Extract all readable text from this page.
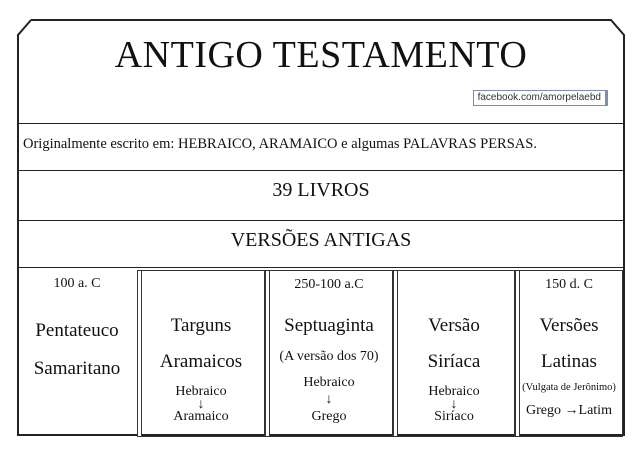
ANTIGO TESTAMENTO
facebook.com/amorpelaebd
Originalmente escrito em: HEBRAICO, ARAMAICO e algumas PALAVRAS PERSAS.
39 LIVROS
VERSÕES ANTIGAS
100 a. C
Pentateuco
Samaritano
Targuns
Aramaicos
Hebraico
↓
Aramaico
250-100 a.C
Septuaginta
(A versão dos 70)
Hebraico
↓
Grego
Versão
Siríaca
Hebraico
↓
Siríaco
150 d. C
Versões
Latinas
(Vulgata de Jerônimo)
Grego →Latim
